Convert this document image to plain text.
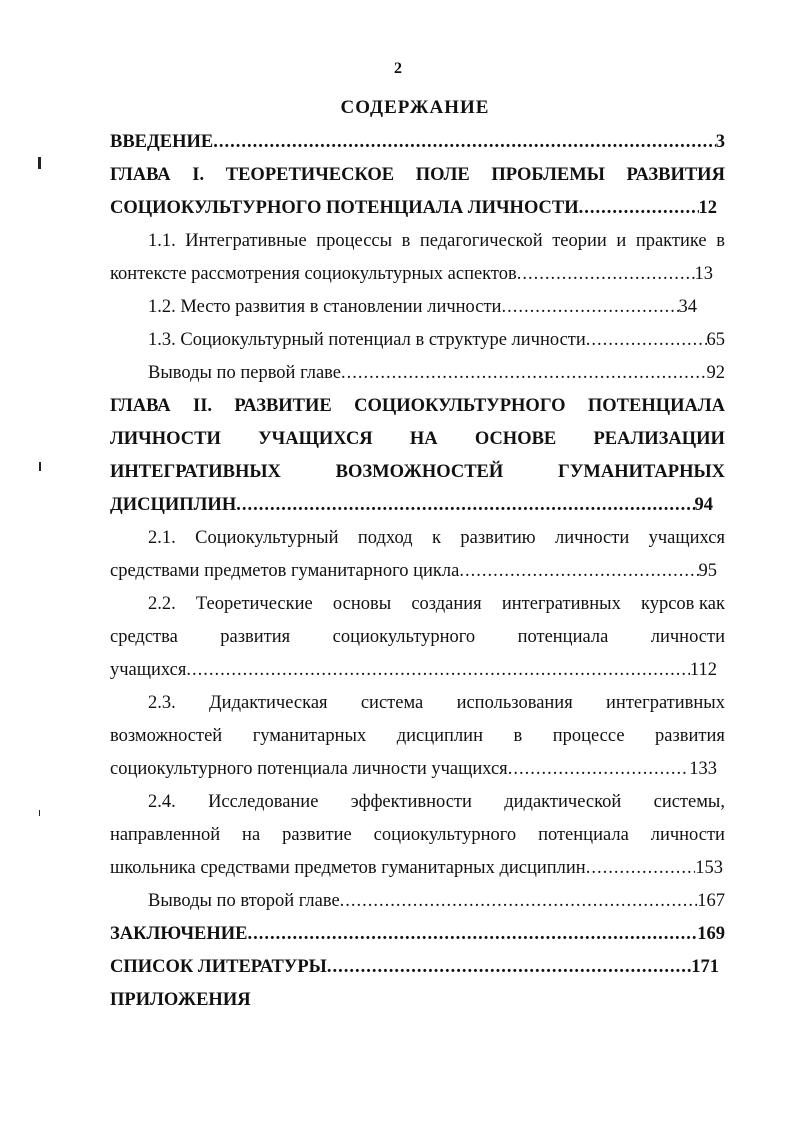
2
СОДЕРЖАНИЕ
ВВЕДЕНИЕ .....	3
ГЛАВА I. ТЕОРЕТИЧЕСКОЕ ПОЛЕ ПРОБЛЕМЫ РАЗВИТИЯ
СОЦИОКУЛЬТУРНОГО ПОТЕНЦИАЛА ЛИЧНОСТИ .....	12
1.1. Интегративные процессы в педагогической теории и практике в
контексте рассмотрения социокультурных аспектов .....	13
1.2. Место развития в становлении личности .....	34
1.3. Социокультурный потенциал в структуре личности .....	65
Выводы по первой главе .....	92
ГЛАВА II. РАЗВИТИЕ СОЦИОКУЛЬТУРНОГО ПОТЕНЦИАЛА
ЛИЧНОСТИ УЧАЩИХСЯ НА ОСНОВЕ РЕАЛИЗАЦИИ
ИНТЕГРАТИВНЫХ	ВОЗМОЖНОСТЕЙ	ГУМАНИТАРНЫХ
ДИСЦИПЛИН .....	94
2.1. Социокультурный подход к развитию личности учащихся
средствами предметов гуманитарного цикла .....	95
2.2. Теоретические основы создания интегративных курсов как
средства развития социокультурного потенциала личности
учащихся .....	112
2.3. Дидактическая система использования интегративных
возможностей гуманитарных дисциплин в процессе развития
социокультурного потенциала личности учащихся .....	133
2.4. Исследование эффективности дидактической системы,
направленной на развитие социокультурного потенциала личности
школьника средствами предметов гуманитарных дисциплин .....	153
Выводы по второй главе .....	167
ЗАКЛЮЧЕНИЕ .....	169
СПИСОК ЛИТЕРАТУРЫ .....	171
ПРИЛОЖЕНИЯ
